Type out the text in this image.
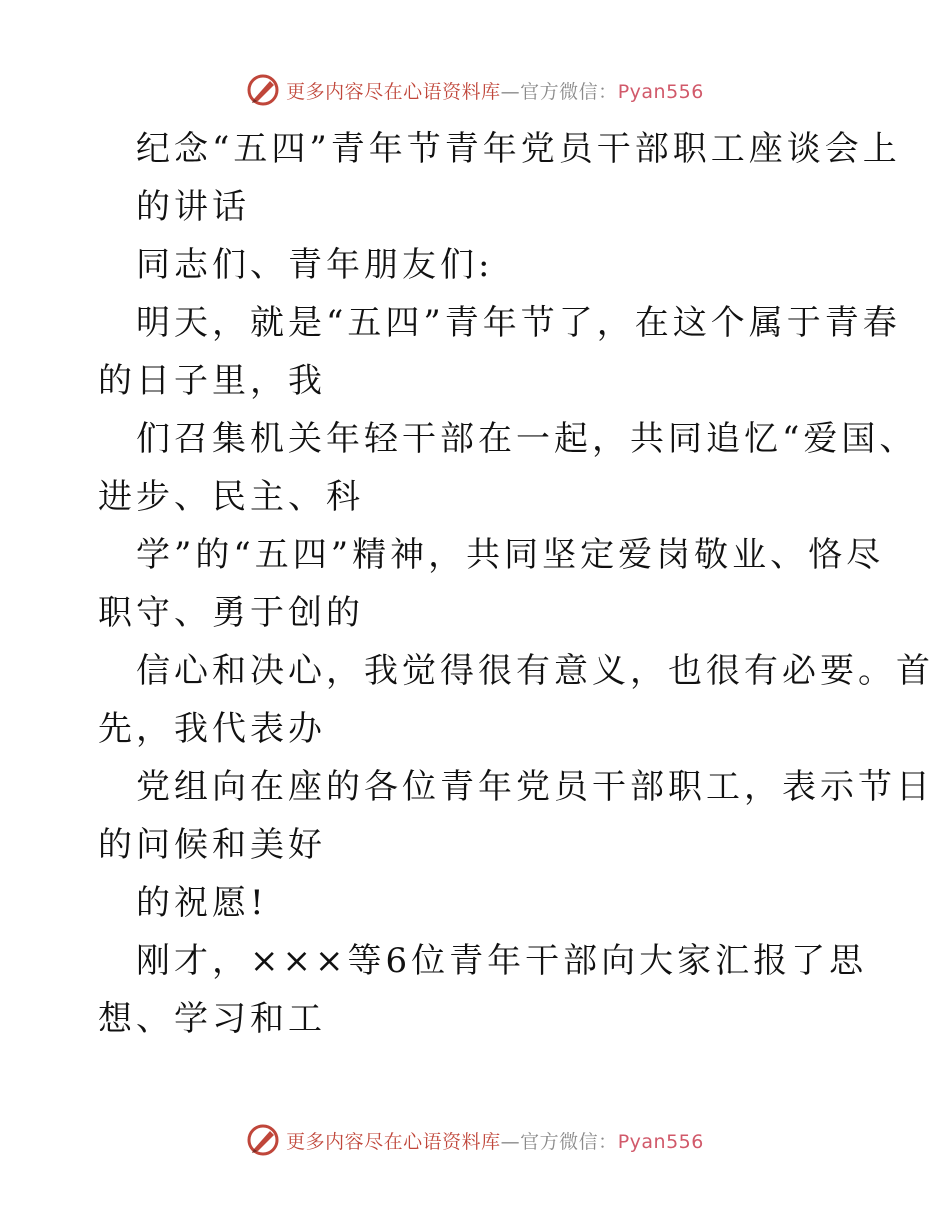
更多内容尽在心语资料库—官方微信：Pyan556
纪念“五四”青年节青年党员干部职工座谈会上
的讲话
同志们、青年朋友们:
明天，就是“五四”青年节了，在这个属于青春
的日子里，我
们召集机关年轻干部在一起，共同追忆“爱国、
进步、民主、科
学”的“五四”精神，共同坚定爱岗敬业、恪尽
职守、勇于创的
信心和决心，我觉得很有意义，也很有必要。首
先，我代表办
党组向在座的各位青年党员干部职工，表示节日
的问候和美好
的祝愿!
刚才，×××等6位青年干部向大家汇报了思
想、学习和工
更多内容尽在心语资料库—官方微信：Pyan556
